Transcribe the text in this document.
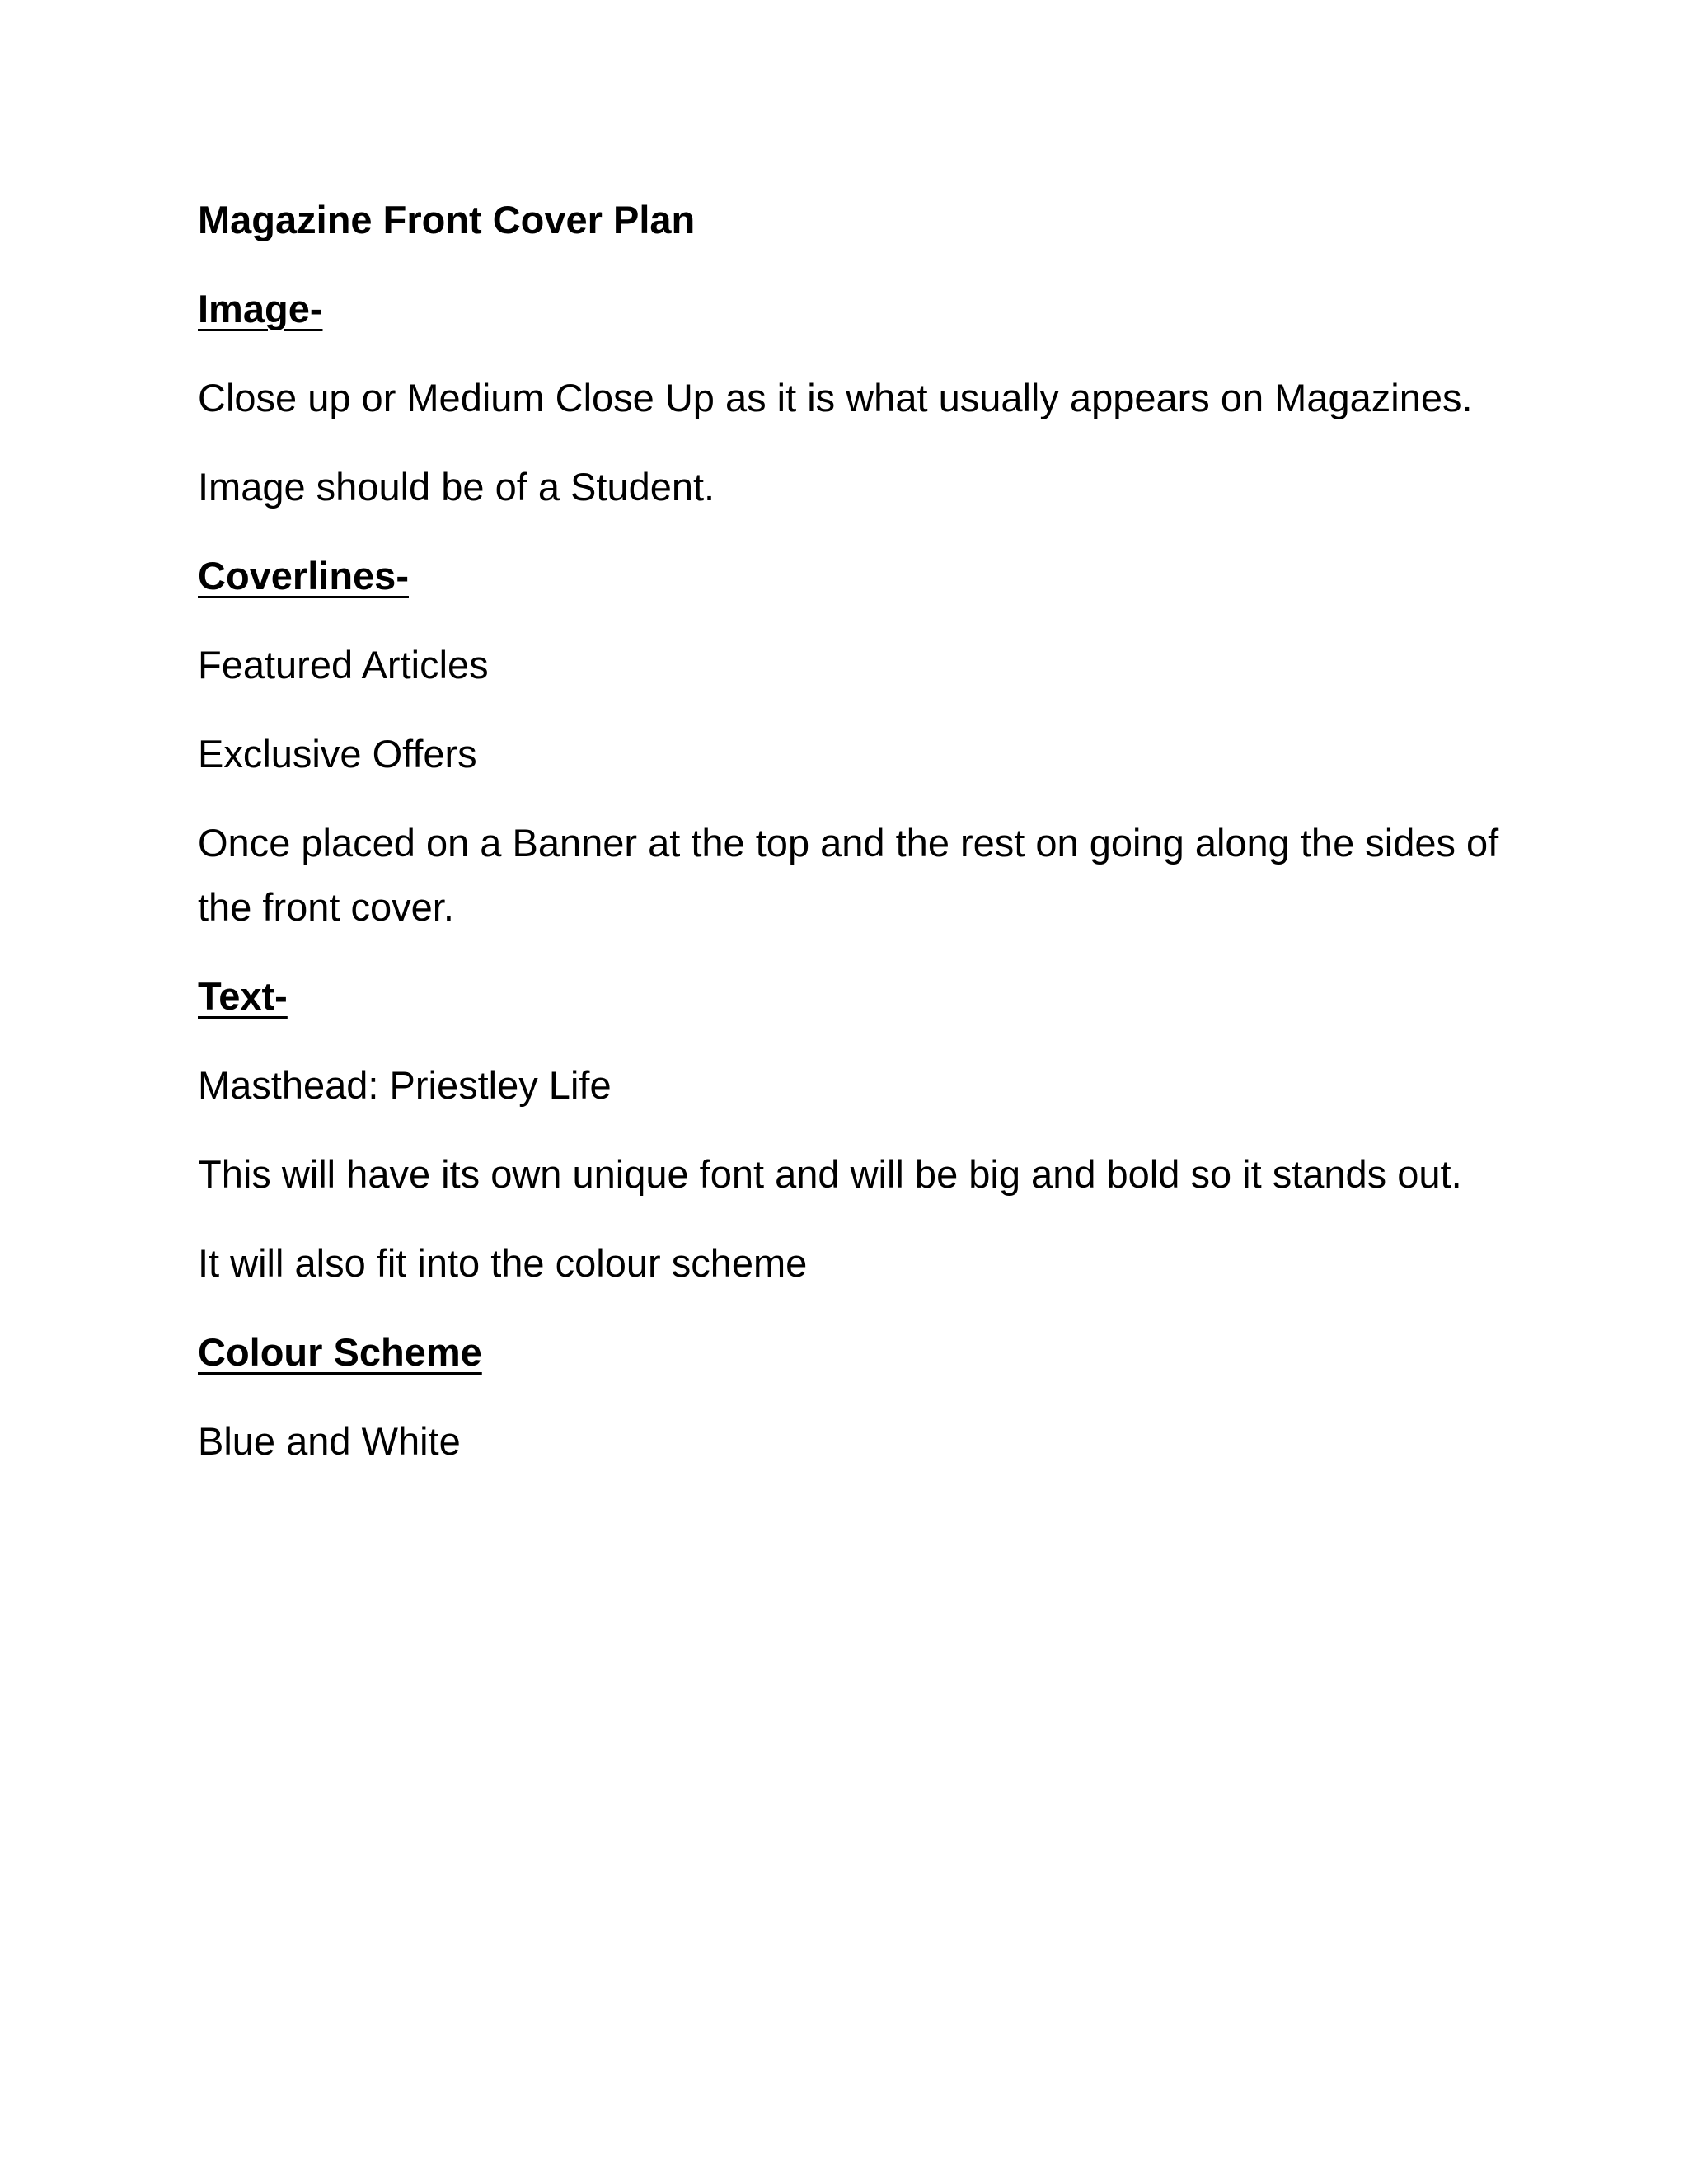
Magazine Front Cover Plan
Image-
Close up or Medium Close Up as it is what usually appears on Magazines.
Image should be of a Student.
Coverlines-
Featured Articles
Exclusive Offers
Once placed on a Banner at the top and the rest on going along the sides of the front cover.
Text-
Masthead: Priestley Life
This will have its own unique font and will be big and bold so it stands out.
It will also fit into the colour scheme
Colour Scheme
Blue and White
